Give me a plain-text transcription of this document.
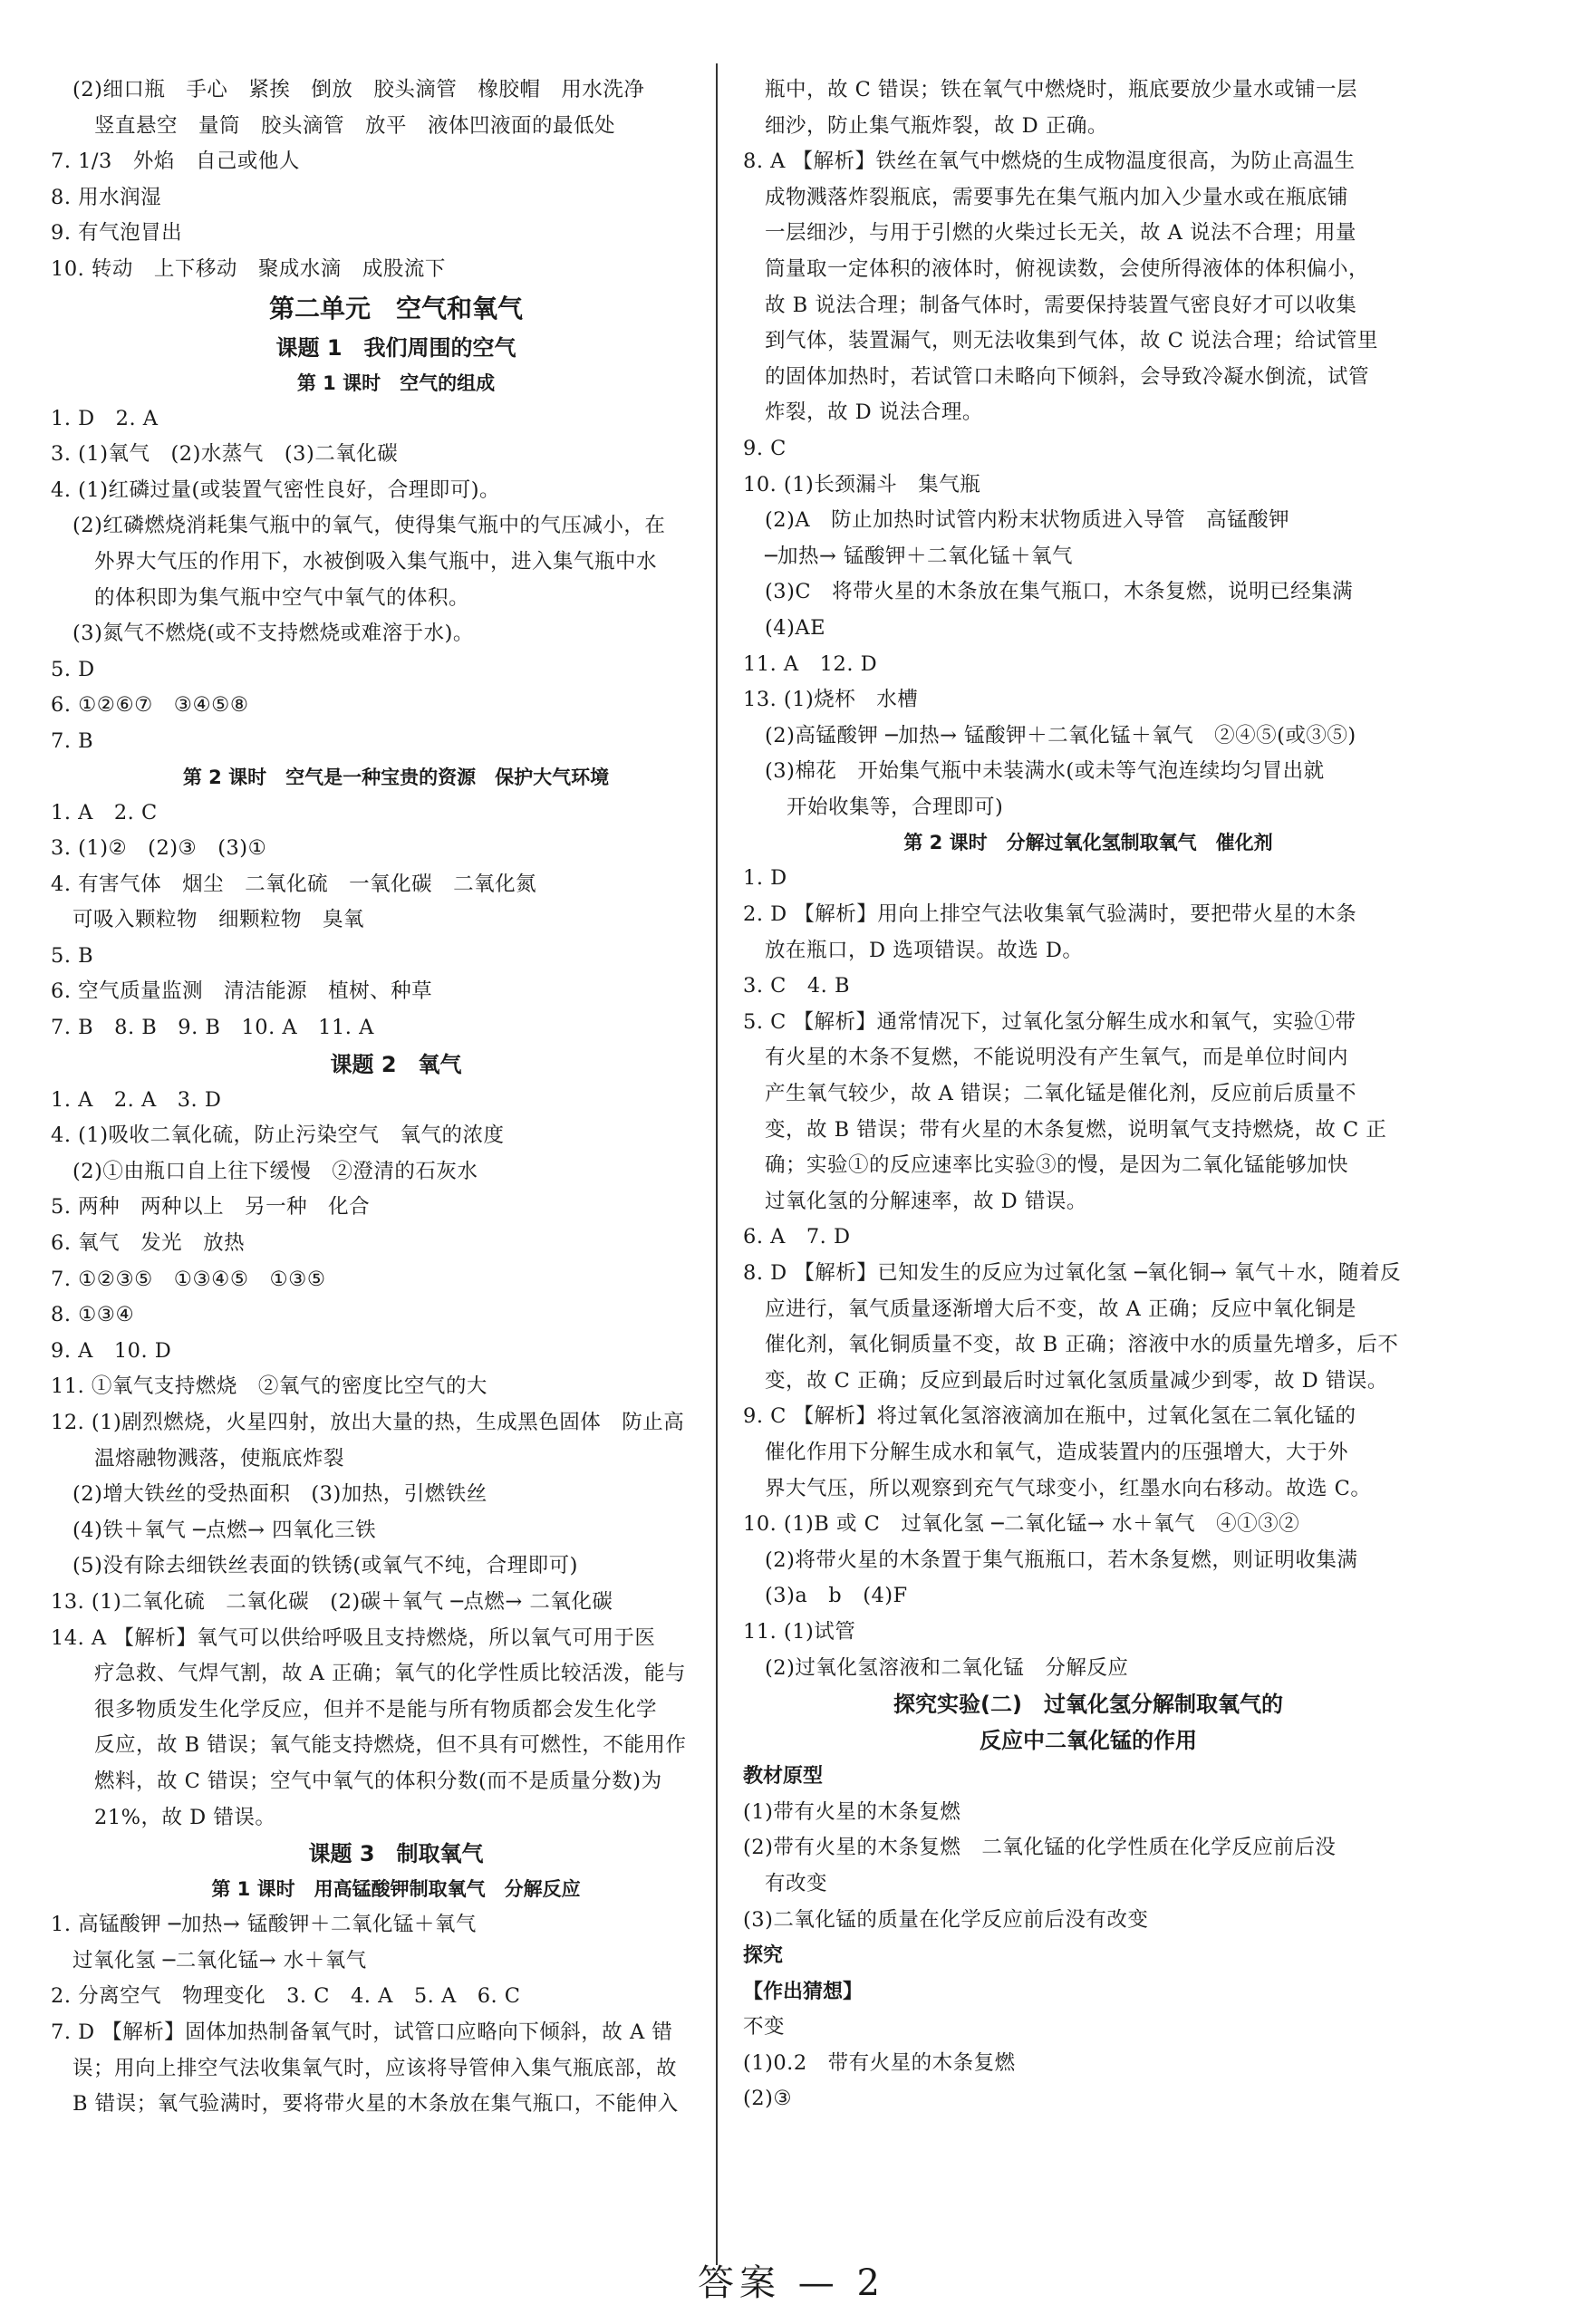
(2)细口瓶　手心　紧挨　倒放　胶头滴管　橡胶帽　用水洗净
竖直悬空　量筒　胶头滴管　放平　液体凹液面的最低处
7. 1/3　外焰　自己或他人
8. 用水润湿
9. 有气泡冒出
10. 转动　上下移动　聚成水滴　成股流下
第二单元　空气和氧气
课题 1　我们周围的空气
第 1 课时　空气的组成
1. D　2. A
3. (1)氧气　(2)水蒸气　(3)二氧化碳
4. (1)红磷过量(或装置气密性良好，合理即可)。
(2)红磷燃烧消耗集气瓶中的氧气，使得集气瓶中的气压减小，在
外界大气压的作用下，水被倒吸入集气瓶中，进入集气瓶中水
的体积即为集气瓶中空气中氧气的体积。
(3)氮气不燃烧(或不支持燃烧或难溶于水)。
5. D
6. ①②⑥⑦　③④⑤⑧
7. B
第 2 课时　空气是一种宝贵的资源　保护大气环境
1. A　2. C
3. (1)②　(2)③　(3)①
4. 有害气体　烟尘　二氧化硫　一氧化碳　二氧化氮
可吸入颗粒物　细颗粒物　臭氧
5. B
6. 空气质量监测　清洁能源　植树、种草
7. B　8. B　9. B　10. A　11. A
课题 2　氧气
1. A　2. A　3. D
4. (1)吸收二氧化硫，防止污染空气　氧气的浓度
(2)①由瓶口自上往下缓慢　②澄清的石灰水
5. 两种　两种以上　另一种　化合
6. 氧气　发光　放热
7. ①②③⑤　①③④⑤　①③⑤
8. ①③④
9. A　10. D
11. ①氧气支持燃烧　②氧气的密度比空气的大
12. (1)剧烈燃烧，火星四射，放出大量的热，生成黑色固体　防止高
温熔融物溅落，使瓶底炸裂
(2)增大铁丝的受热面积　(3)加热，引燃铁丝
(4)铁＋氧气 ─点燃→ 四氧化三铁
(5)没有除去细铁丝表面的铁锈(或氧气不纯，合理即可)
13. (1)二氧化硫　二氧化碳　(2)碳＋氧气 ─点燃→ 二氧化碳
14. A 【解析】氧气可以供给呼吸且支持燃烧，所以氧气可用于医
疗急救、气焊气割，故 A 正确；氧气的化学性质比较活泼，能与
很多物质发生化学反应，但并不是能与所有物质都会发生化学
反应，故 B 错误；氧气能支持燃烧，但不具有可燃性，不能用作
燃料，故 C 错误；空气中氧气的体积分数(而不是质量分数)为
21%，故 D 错误。
课题 3　制取氧气
第 1 课时　用高锰酸钾制取氧气　分解反应
1. 高锰酸钾 ─加热→ 锰酸钾＋二氧化锰＋氧气
过氧化氢 ─二氧化锰→ 水＋氧气
2. 分离空气　物理变化　3. C　4. A　5. A　6. C
7. D 【解析】固体加热制备氧气时，试管口应略向下倾斜，故 A 错
误；用向上排空气法收集氧气时，应该将导管伸入集气瓶底部，故
B 错误；氧气验满时，要将带火星的木条放在集气瓶口，不能伸入
瓶中，故 C 错误；铁在氧气中燃烧时，瓶底要放少量水或铺一层
细沙，防止集气瓶炸裂，故 D 正确。
8. A 【解析】铁丝在氧气中燃烧的生成物温度很高，为防止高温生
成物溅落炸裂瓶底，需要事先在集气瓶内加入少量水或在瓶底铺
一层细沙，与用于引燃的火柴过长无关，故 A 说法不合理；用量
筒量取一定体积的液体时，俯视读数，会使所得液体的体积偏小，
故 B 说法合理；制备气体时，需要保持装置气密良好才可以收集
到气体，装置漏气，则无法收集到气体，故 C 说法合理；给试管里
的固体加热时，若试管口未略向下倾斜，会导致冷凝水倒流，试管
炸裂，故 D 说法合理。
9. C
10. (1)长颈漏斗　集气瓶
(2)A　防止加热时试管内粉末状物质进入导管　高锰酸钾
─加热→ 锰酸钾＋二氧化锰＋氧气
(3)C　将带火星的木条放在集气瓶口，木条复燃，说明已经集满
(4)AE
11. A　12. D
13. (1)烧杯　水槽
(2)高锰酸钾 ─加热→ 锰酸钾＋二氧化锰＋氧气　②④⑤(或③⑤)
(3)棉花　开始集气瓶中未装满水(或未等气泡连续均匀冒出就
开始收集等，合理即可)
第 2 课时　分解过氧化氢制取氧气　催化剂
1. D
2. D 【解析】用向上排空气法收集氧气验满时，要把带火星的木条
放在瓶口，D 选项错误。故选 D。
3. C　4. B
5. C 【解析】通常情况下，过氧化氢分解生成水和氧气，实验①带
有火星的木条不复燃，不能说明没有产生氧气，而是单位时间内
产生氧气较少，故 A 错误；二氧化锰是催化剂，反应前后质量不
变，故 B 错误；带有火星的木条复燃，说明氧气支持燃烧，故 C 正
确；实验①的反应速率比实验③的慢，是因为二氧化锰能够加快
过氧化氢的分解速率，故 D 错误。
6. A　7. D
8. D 【解析】已知发生的反应为过氧化氢 ─氧化铜→ 氧气＋水，随着反
应进行，氧气质量逐渐增大后不变，故 A 正确；反应中氧化铜是
催化剂，氧化铜质量不变，故 B 正确；溶液中水的质量先增多，后不
变，故 C 正确；反应到最后时过氧化氢质量减少到零，故 D 错误。
9. C 【解析】将过氧化氢溶液滴加在瓶中，过氧化氢在二氧化锰的
催化作用下分解生成水和氧气，造成装置内的压强增大，大于外
界大气压，所以观察到充气气球变小，红墨水向右移动。故选 C。
10. (1)B 或 C　过氧化氢 ─二氧化锰→ 水＋氧气　④①③②
(2)将带火星的木条置于集气瓶瓶口，若木条复燃，则证明收集满
(3)a　b　(4)F
11. (1)试管
(2)过氧化氢溶液和二氧化锰　分解反应
探究实验(二)　过氧化氢分解制取氧气的
反应中二氧化锰的作用
教材原型
(1)带有火星的木条复燃
(2)带有火星的木条复燃　二氧化锰的化学性质在化学反应前后没
有改变
(3)二氧化锰的质量在化学反应前后没有改变
探究
【作出猜想】
不变
(1)0.2　带有火星的木条复燃
(2)③
答案 — 2
